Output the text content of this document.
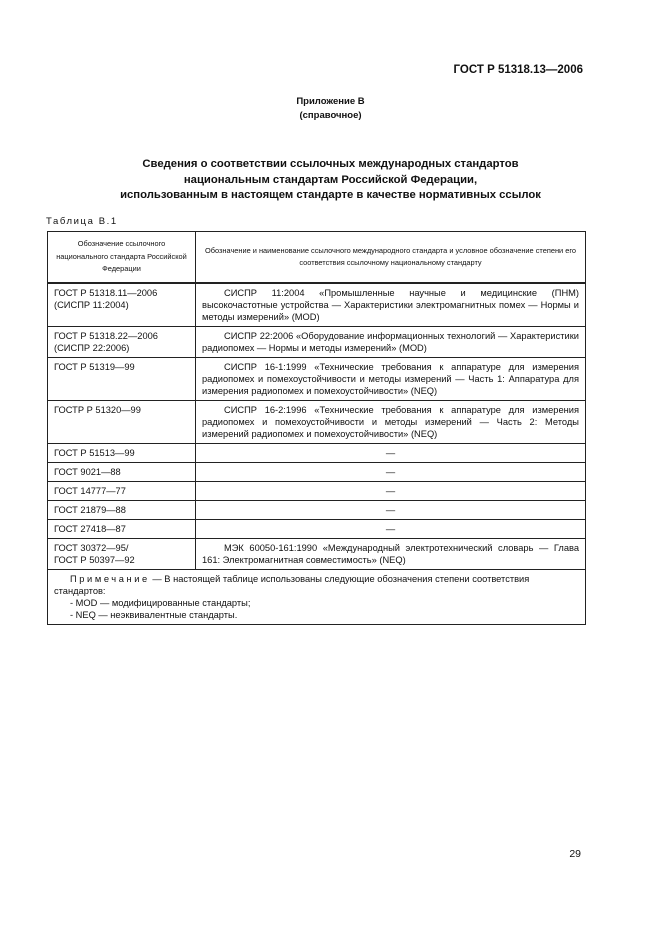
ГОСТ Р 51318.13—2006
Приложение В
(справочное)
Сведения о соответствии ссылочных международных стандартов
национальным стандартам Российской Федерации,
использованным в настоящем стандарте в качестве нормативных ссылок
Таблица В.1
Обозначение ссылочного национального стандарта Российской Федерации	Обозначение и наименование ссылочного международного стандарта и условное обозначение степени его соответствия ссылочному национальному стандарту
ГОСТ Р 51318.11—2006 (СИСПР 11:2004)	СИСПР 11:2004 «Промышленные научные и медицинские (ПНМ) высокочастотные устройства — Характеристики электромагнитных помех — Нормы и методы измерений» (MOD)
ГОСТ Р 51318.22—2006 (СИСПР 22:2006)	СИСПР 22:2006 «Оборудование информационных технологий — Характеристики радиопомех — Нормы и методы измерений» (MOD)
ГОСТ Р 51319—99	СИСПР 16-1:1999 «Технические требования к аппаратуре для измерения радиопомех и помехоустойчивости и методы измерений — Часть 1: Аппаратура для измерения радиопомех и помехоустойчивости» (NEQ)
ГОСТР Р 51320—99	СИСПР 16-2:1996 «Технические требования к аппаратуре для измерения радиопомех и помехоустойчивости и методы измерений — Часть 2: Методы измерений радиопомех и помехоустойчивости» (NEQ)
ГОСТ Р 51513—99	—
ГОСТ 9021—88	—
ГОСТ 14777—77	—
ГОСТ 21879—88	—
ГОСТ 27418—87	—

ГОСТ 30372—95/
ГОСТ Р 50397—92	МЭК 60050-161:1990 «Международный электротехнический словарь — Глава 161: Электромагнитная совместимость» (NEQ)

Примечание — В настоящей таблице использованы следующие обозначения степени соответствия стандартов:
- MOD — модифицированные стандарты;
- NEQ — неэквивалентные стандарты.	
29
